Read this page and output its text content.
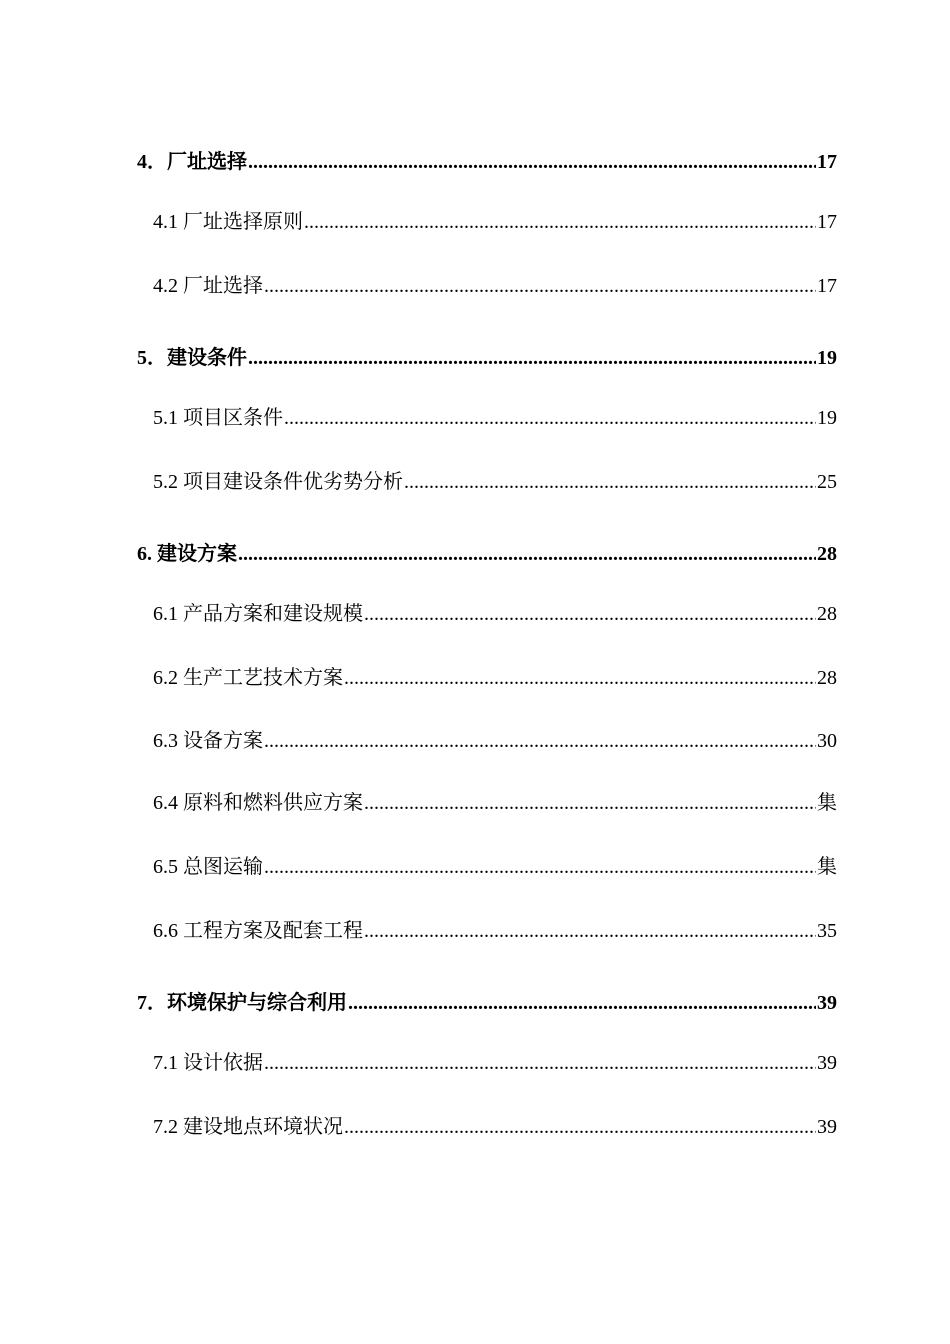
4．厂址选择 .....	17
4.1 厂址选择原则 .....	17
4.2 厂址选择 .....	17
5．建设条件 .....	19
5.1 项目区条件 .....	19
5.2 项目建设条件优劣势分析 .....	25
6. 建设方案 .....	28
6.1 产品方案和建设规模 .....	28
6.2 生产工艺技术方案 .....	28
6.3 设备方案 .....	30
6.4 原料和燃料供应方案 .....	集
6.5 总图运输 .....	集
6.6 工程方案及配套工程 .....	35
7．环境保护与综合利用 .....	39
7.1 设计依据 .....	39
7.2 建设地点环境状况 .....	39
